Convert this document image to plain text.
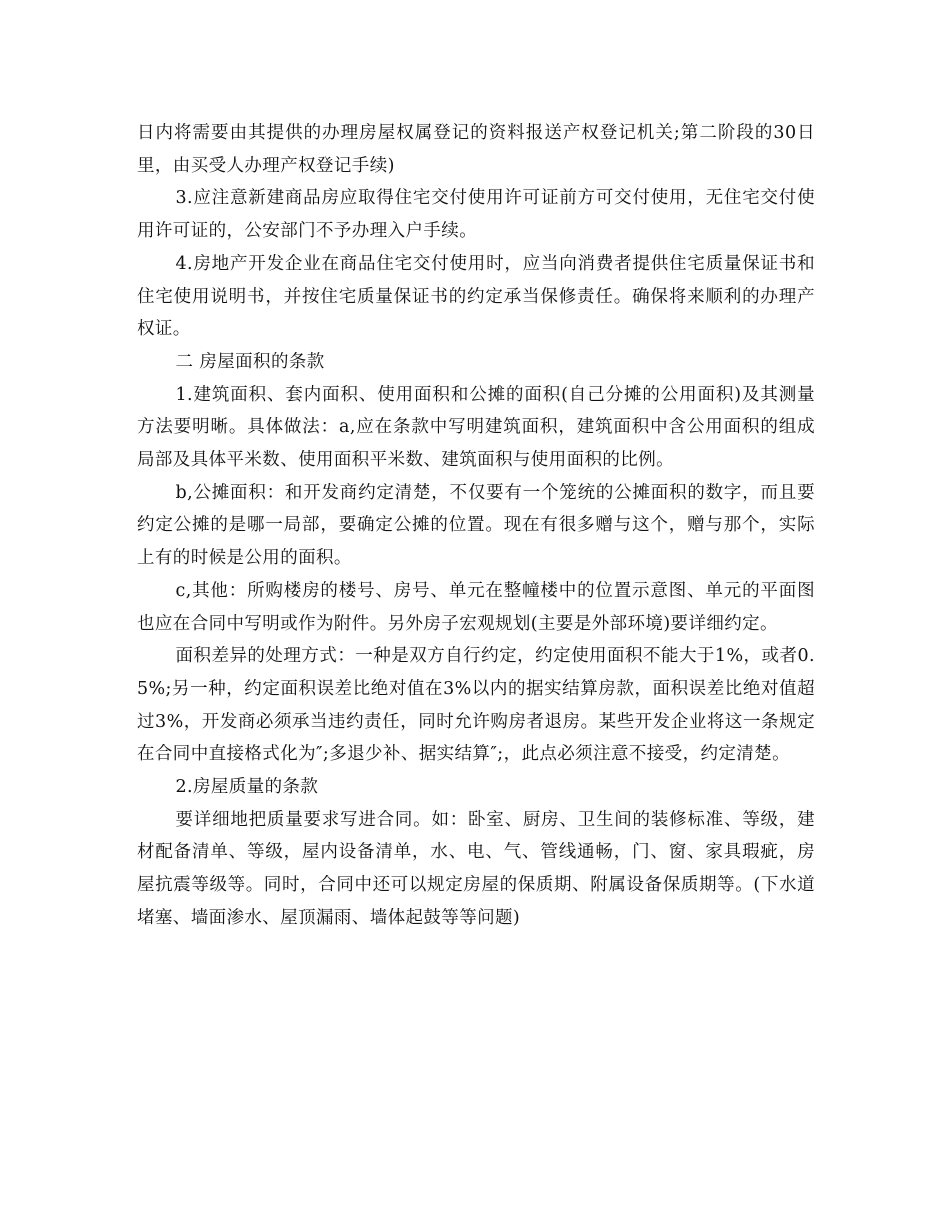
日内将需要由其提供的办理房屋权属登记的资料报送产权登记机关;第二阶段的30日里，由买受人办理产权登记手续)

3.应注意新建商品房应取得住宅交付使用许可证前方可交付使用，无住宅交付使用许可证的，公安部门不予办理入户手续。

4.房地产开发企业在商品住宅交付使用时，应当向消费者提供住宅质量保证书和住宅使用说明书，并按住宅质量保证书的约定承当保修责任。确保将来顺利的办理产权证。

二 房屋面积的条款

1.建筑面积、套内面积、使用面积和公摊的面积(自己分摊的公用面积)及其测量方法要明晰。具体做法：a,应在条款中写明建筑面积，建筑面积中含公用面积的组成局部及具体平米数、使用面积平米数、建筑面积与使用面积的比例。

b,公摊面积：和开发商约定清楚，不仅要有一个笼统的公摊面积的数字，而且要约定公摊的是哪一局部，要确定公摊的位置。现在有很多赠与这个，赠与那个，实际上有的时候是公用的面积。

c,其他：所购楼房的楼号、房号、单元在整幢楼中的位置示意图、单元的平面图也应在合同中写明或作为附件。另外房子宏观规划(主要是外部环境)要详细约定。

面积差异的处理方式：一种是双方自行约定，约定使用面积不能大于1%，或者0.5%;另一种，约定面积误差比绝对值在3%以内的据实结算房款，面积误差比绝对值超过3%，开发商必须承当违约责任，同时允许购房者退房。某些开发企业将这一条规定在合同中直接格式化为″;多退少补、据实结算″;，此点必须注意不接受，约定清楚。

2.房屋质量的条款

要详细地把质量要求写进合同。如：卧室、厨房、卫生间的装修标准、等级，建材配备清单、等级，屋内设备清单，水、电、气、管线通畅，门、窗、家具瑕疵，房屋抗震等级等。同时，合同中还可以规定房屋的保质期、附属设备保质期等。(下水道堵塞、墙面渗水、屋顶漏雨、墙体起鼓等等问题)
